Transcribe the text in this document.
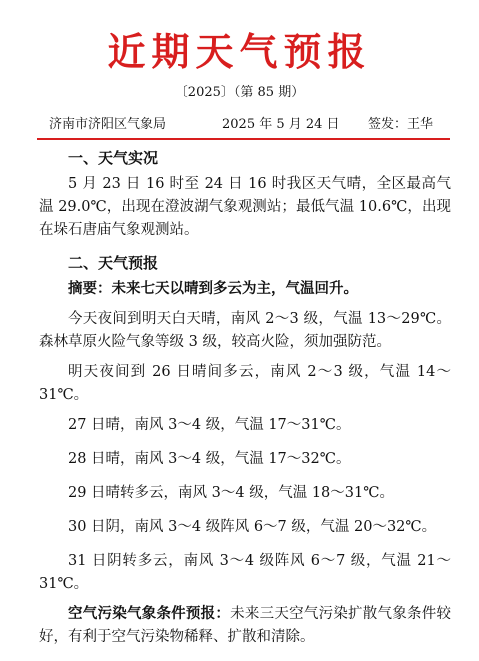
近期天气预报
〔2025〕（第 85 期）
济南市济阳区气象局	2025 年 5 月 24 日 签发：王华
一、天气实况
5 月 23 日 16 时至 24 日 16 时我区天气晴，全区最高气温 29.0℃，出现在澄波湖气象观测站；最低气温 10.6℃，出现在垛石唐庙气象观测站。
二、天气预报
摘要：未来七天以晴到多云为主，气温回升。
今天夜间到明天白天晴，南风 2～3 级，气温 13～29℃。森林草原火险气象等级 3 级，较高火险，须加强防范。
明天夜间到 26 日晴间多云，南风 2～3 级，气温 14～31℃。
27 日晴，南风 3～4 级，气温 17～31℃。
28 日晴，南风 3～4 级，气温 17～32℃。
29 日晴转多云，南风 3～4 级，气温 18～31℃。
30 日阴，南风 3～4 级阵风 6～7 级，气温 20～32℃。
31 日阴转多云，南风 3～4 级阵风 6～7 级，气温 21～31℃。
空气污染气象条件预报：未来三天空气污染扩散气象条件较好，有利于空气污染物稀释、扩散和清除。
